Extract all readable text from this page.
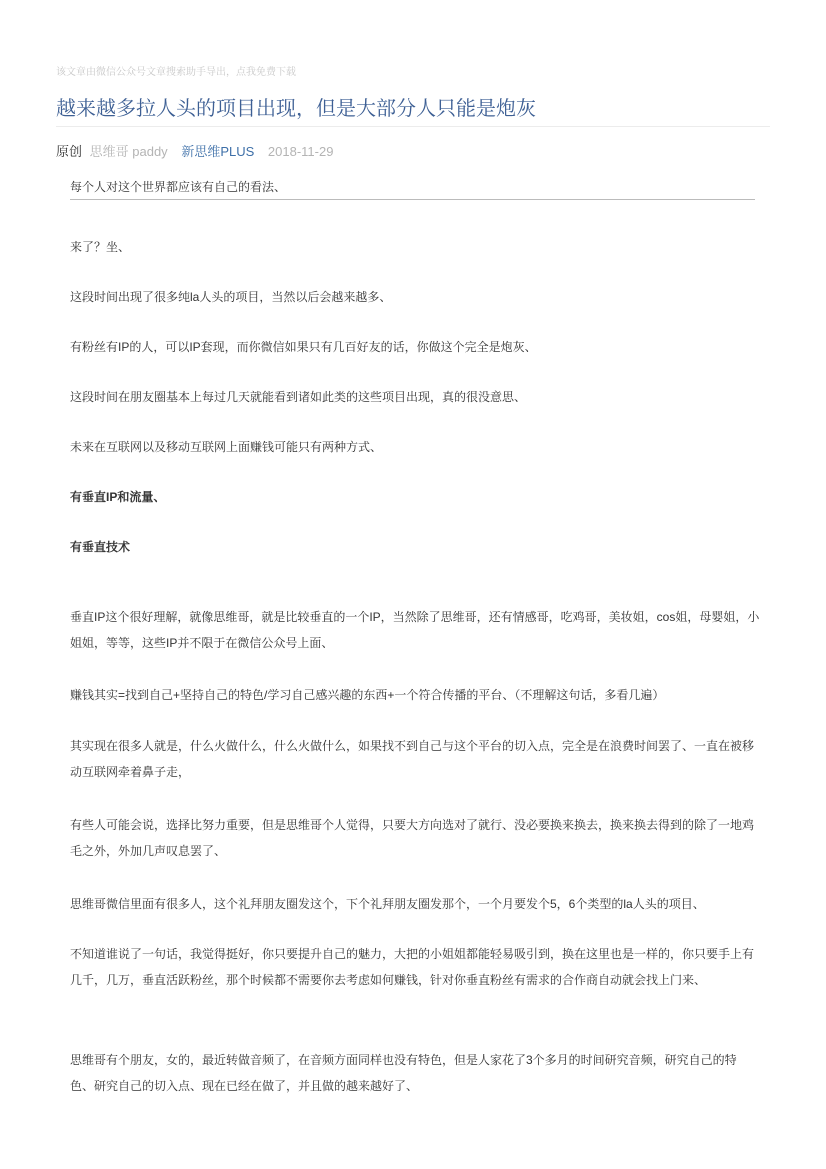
该文章由微信公众号文章搜索助手导出，点我免费下载
越来越多拉人头的项目出现，但是大部分人只能是炮灰
原创 思维哥 paddy 新思维PLUS 2018-11-29
每个人对这个世界都应该有自己的看法、

来了？坐、

这段时间出现了很多纯la人头的项目，当然以后会越来越多、

有粉丝有IP的人，可以IP套现，而你微信如果只有几百好友的话，你做这个完全是炮灰、

这段时间在朋友圈基本上每过几天就能看到诸如此类的这些项目出现，真的很没意思、

未来在互联网以及移动互联网上面赚钱可能只有两种方式、

有垂直IP和流量、

有垂直技术

垂直IP这个很好理解，就像思维哥，就是比较垂直的一个IP，当然除了思维哥，还有情感哥，吃鸡哥，美妆姐，cos姐，母婴姐，小姐姐，等等，这些IP并不限于在微信公众号上面、

赚钱其实=找到自己+坚持自己的特色/学习自己感兴趣的东西+一个符合传播的平台、（不理解这句话，多看几遍）

其实现在很多人就是，什么火做什么，什么火做什么，如果找不到自己与这个平台的切入点，完全是在浪费时间罢了、一直在被移动互联网牵着鼻子走，

有些人可能会说，选择比努力重要，但是思维哥个人觉得，只要大方向选对了就行、没必要换来换去，换来换去得到的除了一地鸡毛之外，外加几声叹息罢了、

思维哥微信里面有很多人，这个礼拜朋友圈发这个，下个礼拜朋友圈发那个，一个月要发个5，6个类型的la人头的项目、

不知道谁说了一句话，我觉得挺好，你只要提升自己的魅力，大把的小姐姐都能轻易吸引到，换在这里也是一样的，你只要手上有几千，几万，垂直活跃粉丝，那个时候都不需要你去考虑如何赚钱，针对你垂直粉丝有需求的合作商自动就会找上门来、

思维哥有个朋友，女的，最近转做音频了，在音频方面同样也没有特色，但是人家花了3个多月的时间研究音频，研究自己的特色、研究自己的切入点、现在已经在做了，并且做的越来越好了、
